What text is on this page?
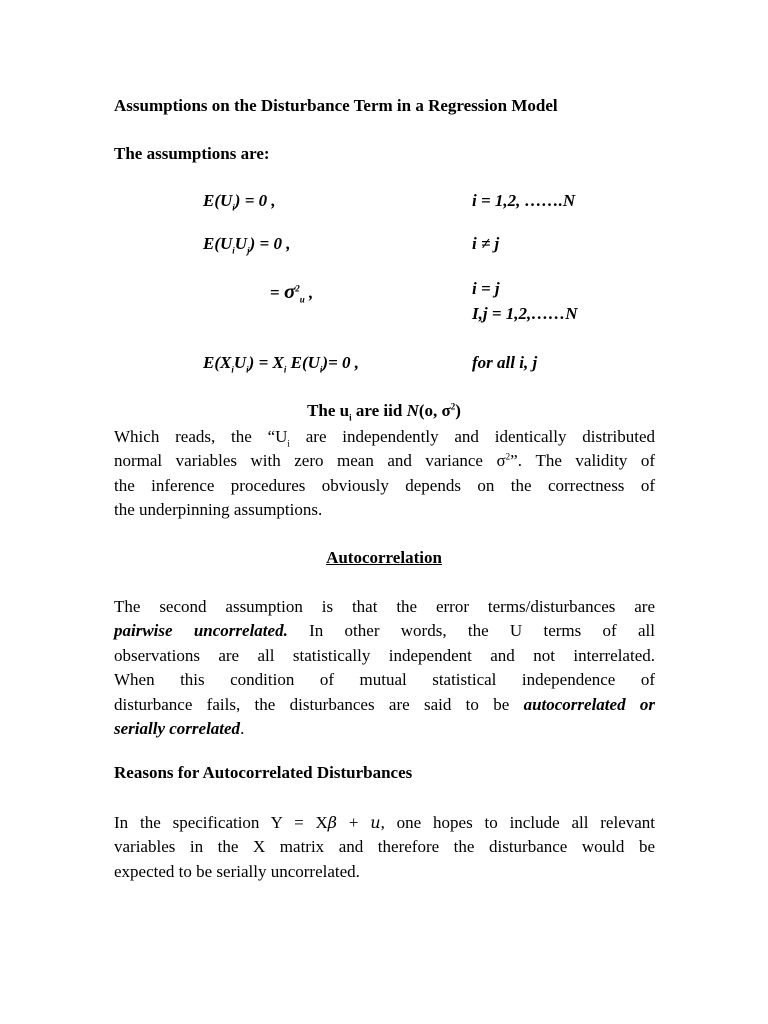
Assumptions on the Disturbance Term in a Regression Model
The assumptions are:
$E(U_i) = 0$ ,	i = 1,2, …….N
$E(U_iU_j) = 0$ ,	i ≠ j
= $\sigma^2_u$ ,	i = j
I,j = 1,2,……N
$E(X_iU_i) = X_i$ $E(U_i)= 0$ ,	for all i, j
The $u_i$ are iid N(o, $\sigma^2$)
Which reads, the “$U_i$ are independently and identically distributed
normal variables with zero mean and variance $\sigma^2$”. The validity of
the inference procedures obviously depends on the correctness of
the underpinning assumptions.
Autocorrelation
The second assumption is that the error terms/disturbances are
pairwise uncorrelated. In other words, the U terms of all
observations are all statistically independent and not interrelated.
When this condition of mutual statistical independence of
disturbance fails, the disturbances are said to be autocorrelated or
serially correlated.
Reasons for Autocorrelated Disturbances
In the specification Y = Xβ + u, one hopes to include all relevant
variables in the X matrix and therefore the disturbance would be
expected to be serially uncorrelated.
